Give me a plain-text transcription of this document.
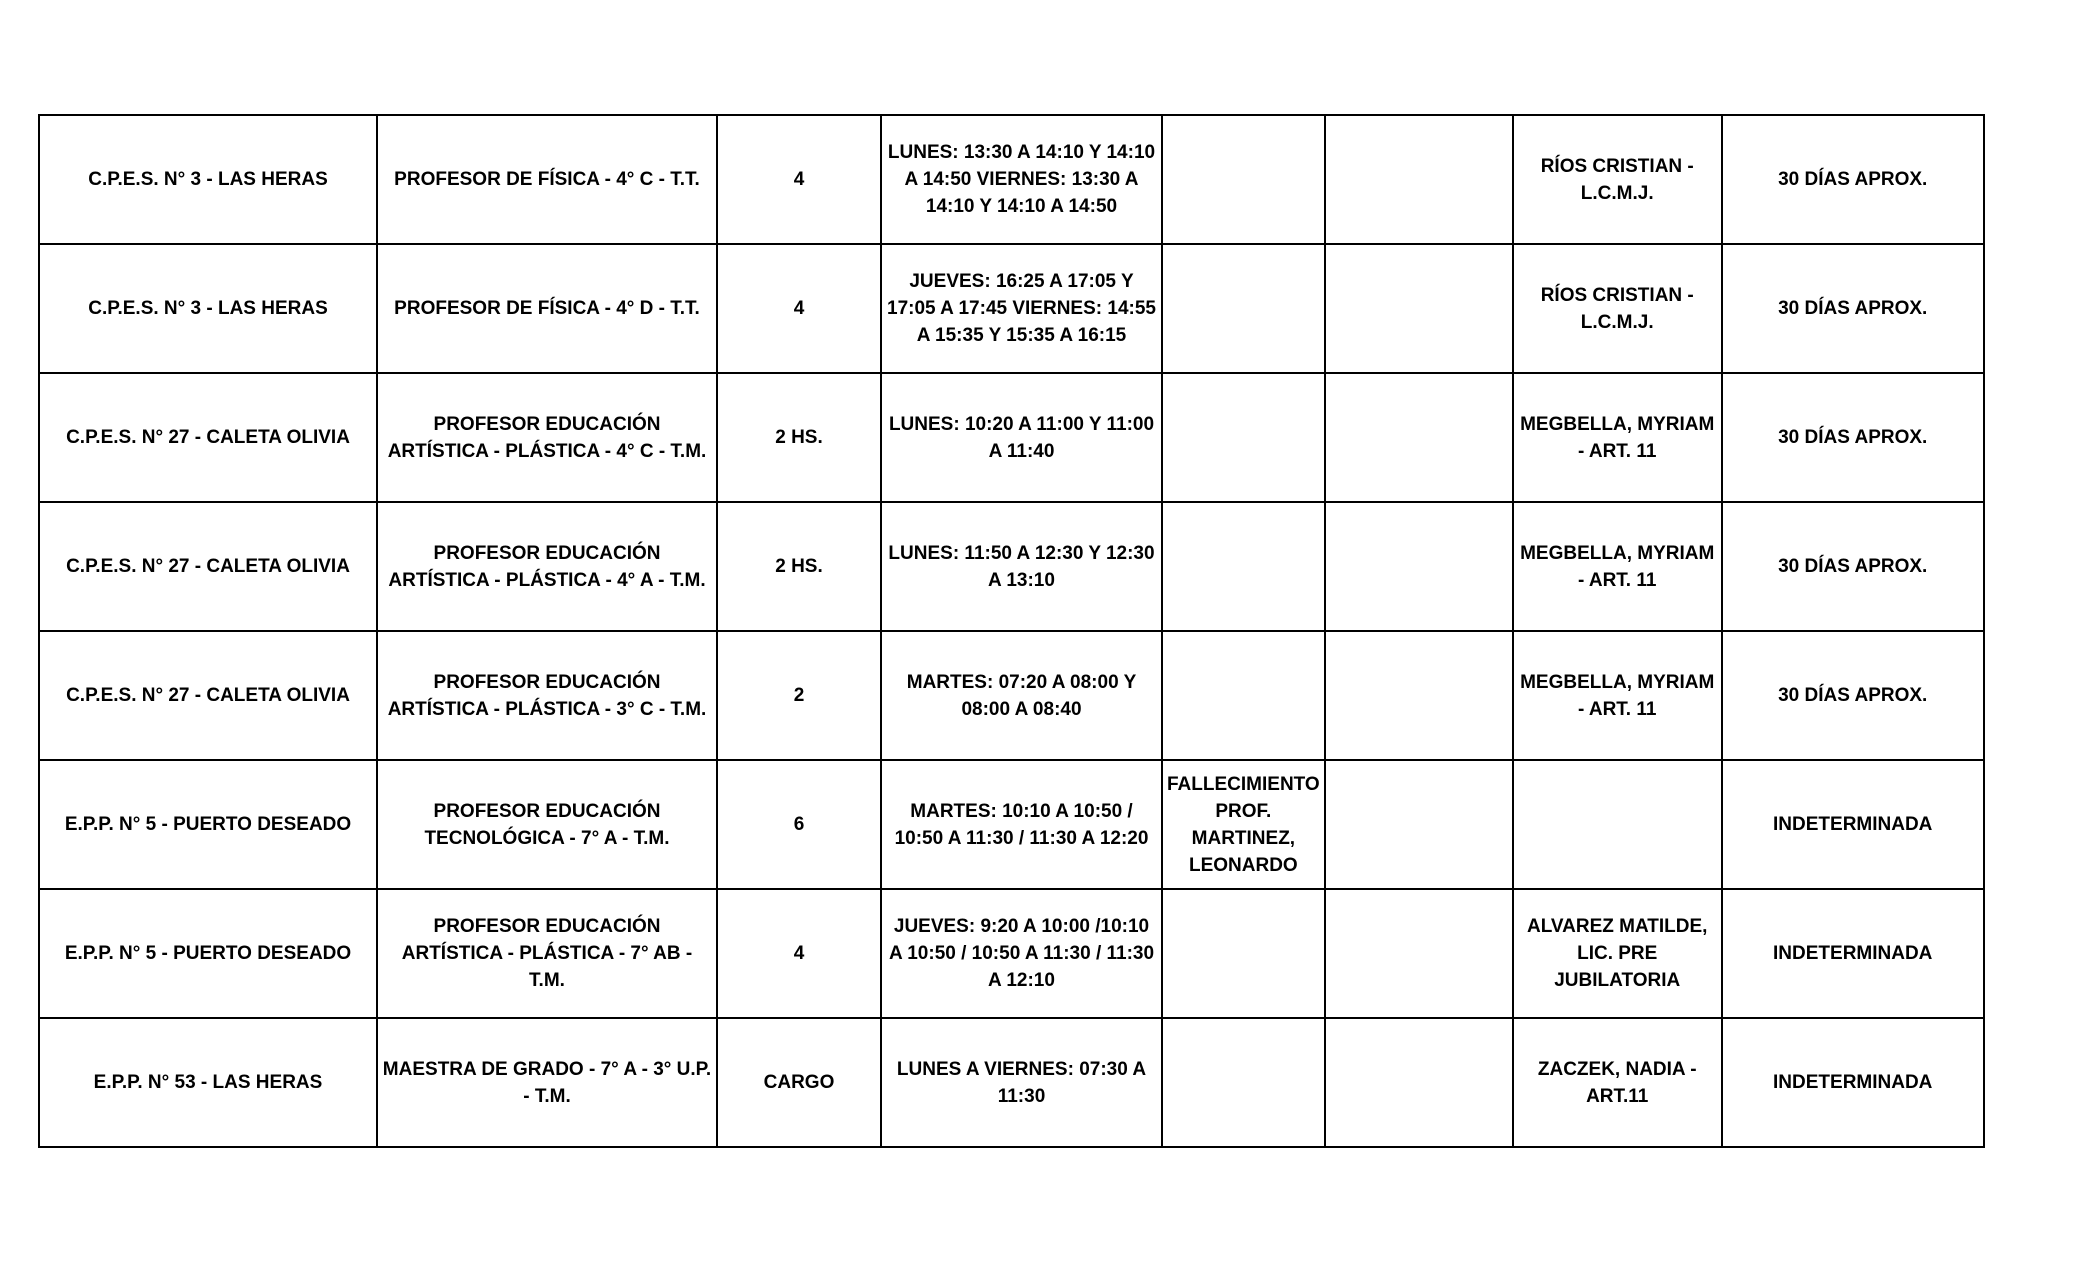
C.P.E.S. N° 3 - LAS HERAS	PROFESOR DE FÍSICA - 4° C - T.T.	4	LUNES: 13:30 A 14:10 Y 14:10 A 14:50 VIERNES: 13:30 A 14:10 Y 14:10 A 14:50			RÍOS CRISTIAN - L.C.M.J.	30 DÍAS APROX.
C.P.E.S. N° 3 - LAS HERAS	PROFESOR DE FÍSICA - 4° D - T.T.	4	JUEVES: 16:25 A 17:05 Y 17:05 A 17:45 VIERNES: 14:55 A 15:35 Y 15:35 A 16:15			RÍOS CRISTIAN - L.C.M.J.	30 DÍAS APROX.
C.P.E.S. N° 27 - CALETA OLIVIA	PROFESOR EDUCACIÓN ARTÍSTICA - PLÁSTICA - 4° C - T.M.	2 HS.	LUNES: 10:20 A 11:00 Y 11:00 A 11:40			MEGBELLA, MYRIAM - ART. 11	30 DÍAS APROX.
C.P.E.S. N° 27 - CALETA OLIVIA	PROFESOR EDUCACIÓN ARTÍSTICA - PLÁSTICA - 4° A - T.M.	2 HS.	LUNES: 11:50 A 12:30 Y 12:30 A 13:10			MEGBELLA, MYRIAM - ART. 11	30 DÍAS APROX.
C.P.E.S. N° 27 - CALETA OLIVIA	PROFESOR EDUCACIÓN ARTÍSTICA - PLÁSTICA - 3° C - T.M.	2	MARTES: 07:20 A 08:00 Y 08:00 A 08:40			MEGBELLA, MYRIAM - ART. 11	30 DÍAS APROX.
E.P.P. N° 5 - PUERTO DESEADO	PROFESOR EDUCACIÓN TECNOLÓGICA - 7° A - T.M.	6	MARTES: 10:10 A 10:50 / 10:50 A 11:30 / 11:30 A 12:20	FALLECIMIENTO PROF. MARTINEZ, LEONARDO			INDETERMINADA
E.P.P. N° 5 - PUERTO DESEADO	PROFESOR EDUCACIÓN ARTÍSTICA - PLÁSTICA - 7° AB - T.M.	4	JUEVES: 9:20 A 10:00 /10:10 A 10:50 / 10:50 A 11:30 / 11:30 A 12:10			ALVAREZ MATILDE, LIC. PRE JUBILATORIA	INDETERMINADA
E.P.P. N° 53 - LAS HERAS	MAESTRA DE GRADO - 7° A - 3° U.P. - T.M.	CARGO	LUNES A VIERNES: 07:30 A 11:30			ZACZEK, NADIA - ART.11	INDETERMINADA
